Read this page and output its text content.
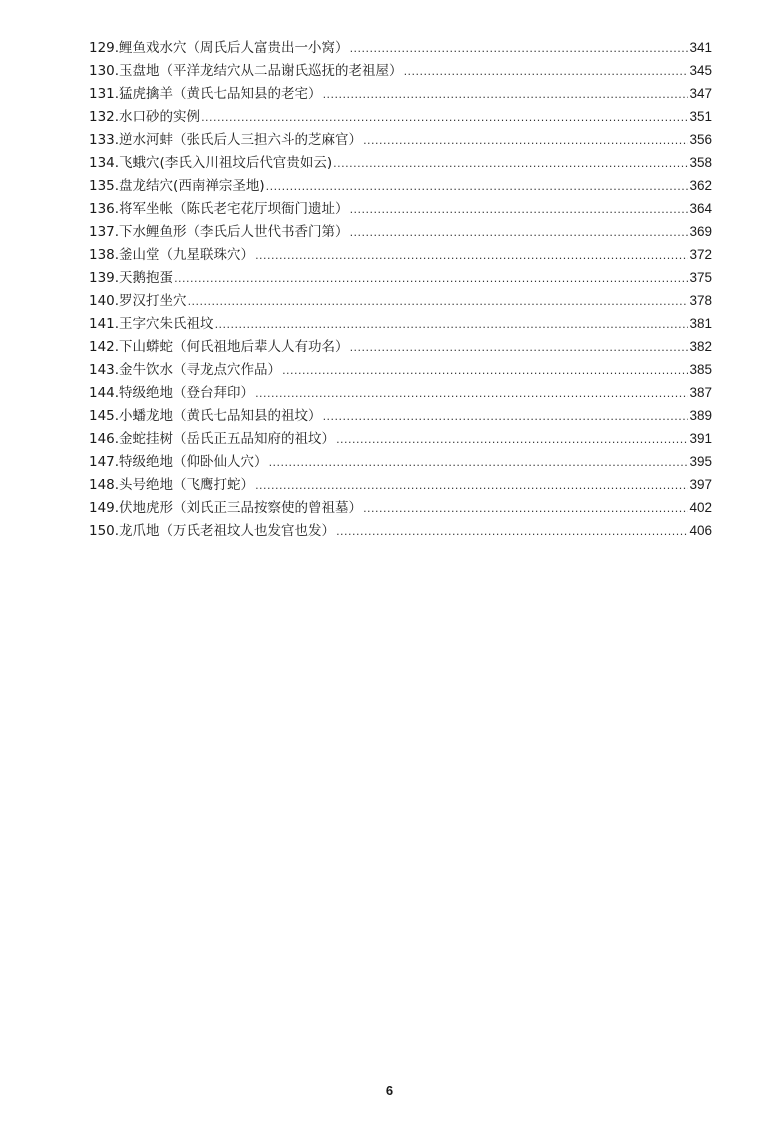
129.鲤鱼戏水穴（周氏后人富贵出一小窝） .....	341
130.玉盘地（平洋龙结穴从二品谢氏巡抚的老祖屋） .....	345
131.猛虎擒羊（黄氏七品知县的老宅） .....	347
132.水口砂的实例 .....	351
133.逆水河蚌（张氏后人三担六斗的芝麻官） .....	356
134.飞蛾穴(李氏入川祖坟后代官贵如云) .....	358
135.盘龙结穴(西南禅宗圣地) .....	362
136.将军坐帐（陈氏老宅花厅坝衙门遗址） .....	364
137.下水鲤鱼形（李氏后人世代书香门第） .....	369
138.釜山堂（九星联珠穴） .....	372
139.天鹅抱蛋 .....	375
140.罗汉打坐穴 .....	378
141.王字穴朱氏祖坟 .....	381
142.下山蟒蛇（何氏祖地后辈人人有功名） .....	382
143.金牛饮水（寻龙点穴作品） .....	385
144.特级绝地（登台拜印） .....	387
145.小蟠龙地（黄氏七品知县的祖坟） .....	389
146.金蛇挂树（岳氏正五品知府的祖坟） .....	391
147.特级绝地（仰卧仙人穴） .....	395
148.头号绝地（飞鹰打蛇） .....	397
149.伏地虎形（刘氏正三品按察使的曾祖墓） .....	402
150.龙爪地（万氏老祖坟人也发官也发） .....	406
6
